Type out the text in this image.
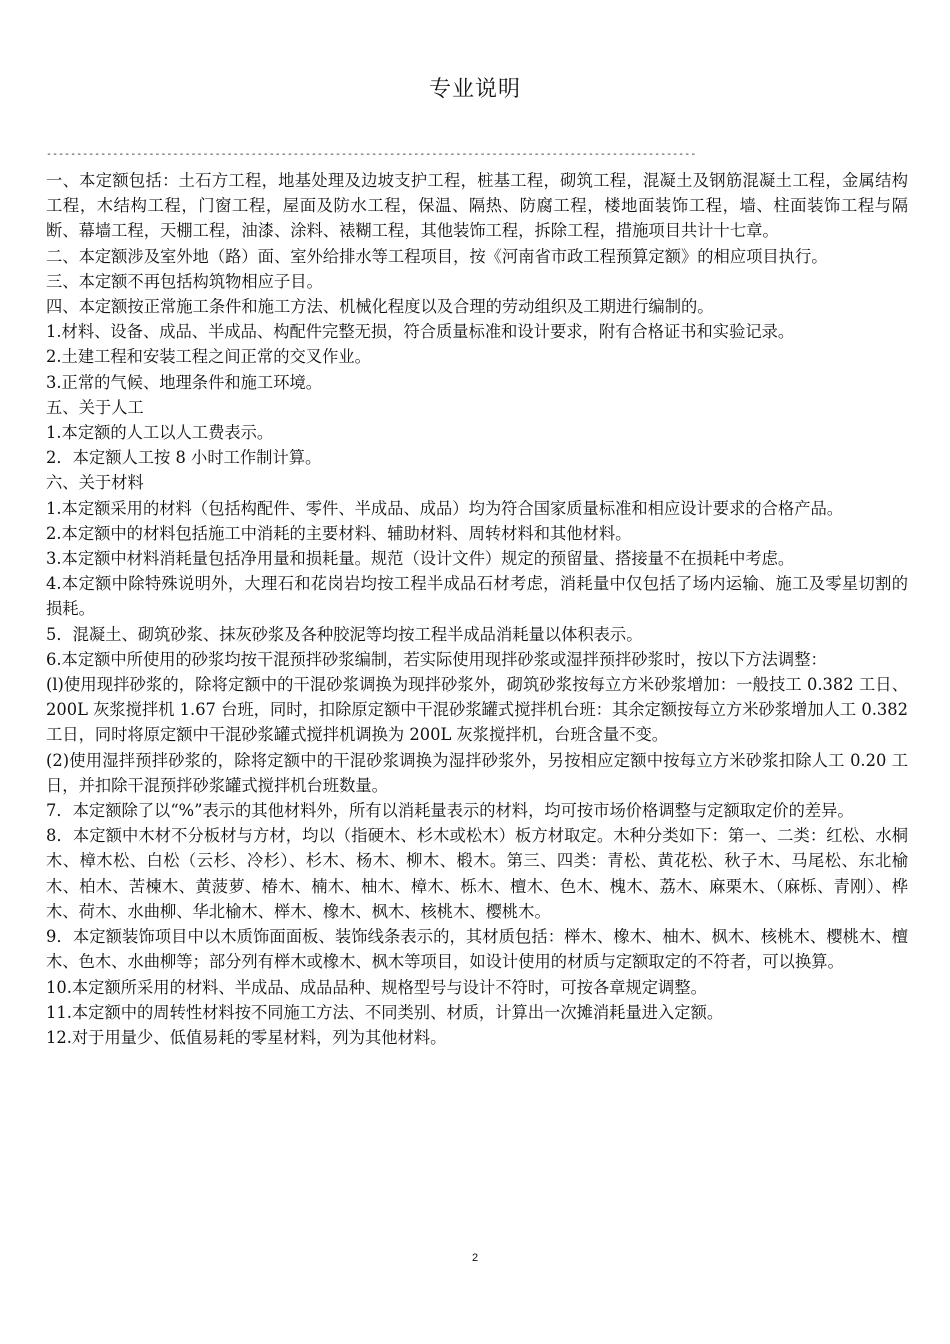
专业说明
------------------------------------------------------------------------------------------------------------

一、本定额包括：土石方工程，地基处理及边坡支护工程，桩基工程，砌筑工程，混凝土及钢筋混凝土工程，金属结构工程，木结构工程，门窗工程，屋面及防水工程，保温、隔热、防腐工程，楼地面装饰工程，墙、柱面装饰工程与隔断、幕墙工程，天棚工程，油漆、涂料、裱糊工程，其他装饰工程，拆除工程，措施项目共计十七章。

二、本定额涉及室外地（路）面、室外给排水等工程项目，按《河南省市政工程预算定额》的相应项目执行。

三、本定额不再包括构筑物相应子目。

四、本定额按正常施工条件和施工方法、机械化程度以及合理的劳动组织及工期进行编制的。

1.材料、设备、成品、半成品、构配件完整无损，符合质量标准和设计要求，附有合格证书和实验记录。

2.土建工程和安装工程之间正常的交叉作业。

3.正常的气候、地理条件和施工环境。

五、关于人工

1.本定额的人工以人工费表示。

2．本定额人工按 8 小时工作制计算。

六、关于材料

1.本定额采用的材料（包括构配件、零件、半成品、成品）均为符合国家质量标准和相应设计要求的合格产品。

2.本定额中的材料包括施工中消耗的主要材料、辅助材料、周转材料和其他材料。

3.本定额中材料消耗量包括净用量和损耗量。规范（设计文件）规定的预留量、搭接量不在损耗中考虑。

4.本定额中除特殊说明外，大理石和花岗岩均按工程半成品石材考虑，消耗量中仅包括了场内运输、施工及零星切割的损耗。

5．混凝土、砌筑砂浆、抹灰砂浆及各种胶泥等均按工程半成品消耗量以体积表示。

6.本定额中所使用的砂浆均按干混预拌砂浆编制，若实际使用现拌砂浆或湿拌预拌砂浆时，按以下方法调整：

(l)使用现拌砂浆的，除将定额中的干混砂浆调换为现拌砂浆外，砌筑砂浆按每立方米砂浆增加：一般技工 0.382 工日、200L 灰浆搅拌机 1.67 台班，同时，扣除原定额中干混砂浆罐式搅拌机台班：其余定额按每立方米砂浆增加人工 0.382 工日，同时将原定额中干混砂浆罐式搅拌机调换为 200L 灰浆搅拌机，台班含量不变。

(2)使用湿拌预拌砂浆的，除将定额中的干混砂浆调换为湿拌砂浆外，另按相应定额中按每立方米砂浆扣除人工 0.20 工日，并扣除干混预拌砂浆罐式搅拌机台班数量。

7．本定额除了以“%”表示的其他材料外，所有以消耗量表示的材料，均可按市场价格调整与定额取定价的差异。

8．本定额中木材不分板材与方材，均以（指硬木、杉木或松木）板方材取定。木种分类如下：第一、二类：红松、水桐木、樟木松、白松（云杉、冷杉）、杉木、杨木、柳木、椴木。第三、四类：青松、黄花松、秋子木、马尾松、东北榆木、柏木、苦楝木、黄菠萝、椿木、楠木、柚木、樟木、栎木、檀木、色木、槐木、荔木、麻栗木、（麻栎、青刚）、桦木、荷木、水曲柳、华北榆木、榉木、橡木、枫木、核桃木、樱桃木。

9．本定额装饰项目中以木质饰面面板、装饰线条表示的，其材质包括：榉木、橡木、柚木、枫木、核桃木、樱桃木、檀木、色木、水曲柳等；部分列有榉木或橡木、枫木等项目，如设计使用的材质与定额取定的不符者，可以换算。

10.本定额所采用的材料、半成品、成品品种、规格型号与设计不符时，可按各章规定调整。

11.本定额中的周转性材料按不同施工方法、不同类别、材质，计算出一次摊消耗量进入定额。

12.对于用量少、低值易耗的零星材料，列为其他材料。

2
